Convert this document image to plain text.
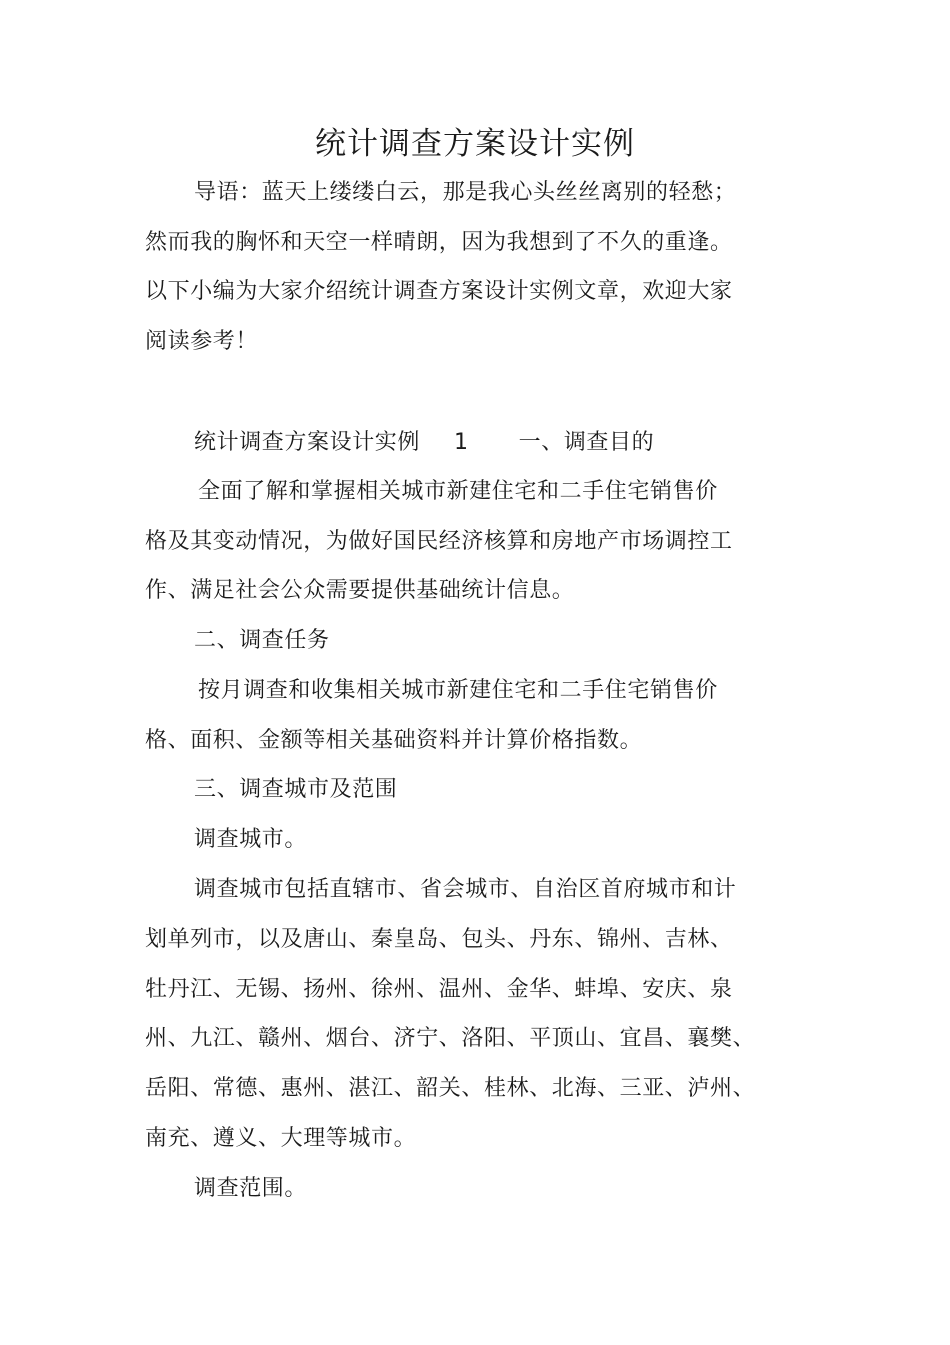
统计调查方案设计实例

导语：蓝天上缕缕白云，那是我心头丝丝离别的轻愁；

然而我的胸怀和天空一样晴朗，因为我想到了不久的重逢。

以下小编为大家介绍统计调查方案设计实例文章，欢迎大家

阅读参考！

统计调查方案设计实例 1 一、调查目的

全面了解和掌握相关城市新建住宅和二手住宅销售价

格及其变动情况，为做好国民经济核算和房地产市场调控工

作、满足社会公众需要提供基础统计信息。

二、调查任务

按月调查和收集相关城市新建住宅和二手住宅销售价

格、面积、金额等相关基础资料并计算价格指数。

三、调查城市及范围

调查城市。

调查城市包括直辖市、省会城市、自治区首府城市和计

划单列市，以及唐山、秦皇岛、包头、丹东、锦州、吉林、

牡丹江、无锡、扬州、徐州、温州、金华、蚌埠、安庆、泉

州、九江、赣州、烟台、济宁、洛阳、平顶山、宜昌、襄樊、

岳阳、常德、惠州、湛江、韶关、桂林、北海、三亚、泸州、

南充、遵义、大理等城市。

调查范围。
